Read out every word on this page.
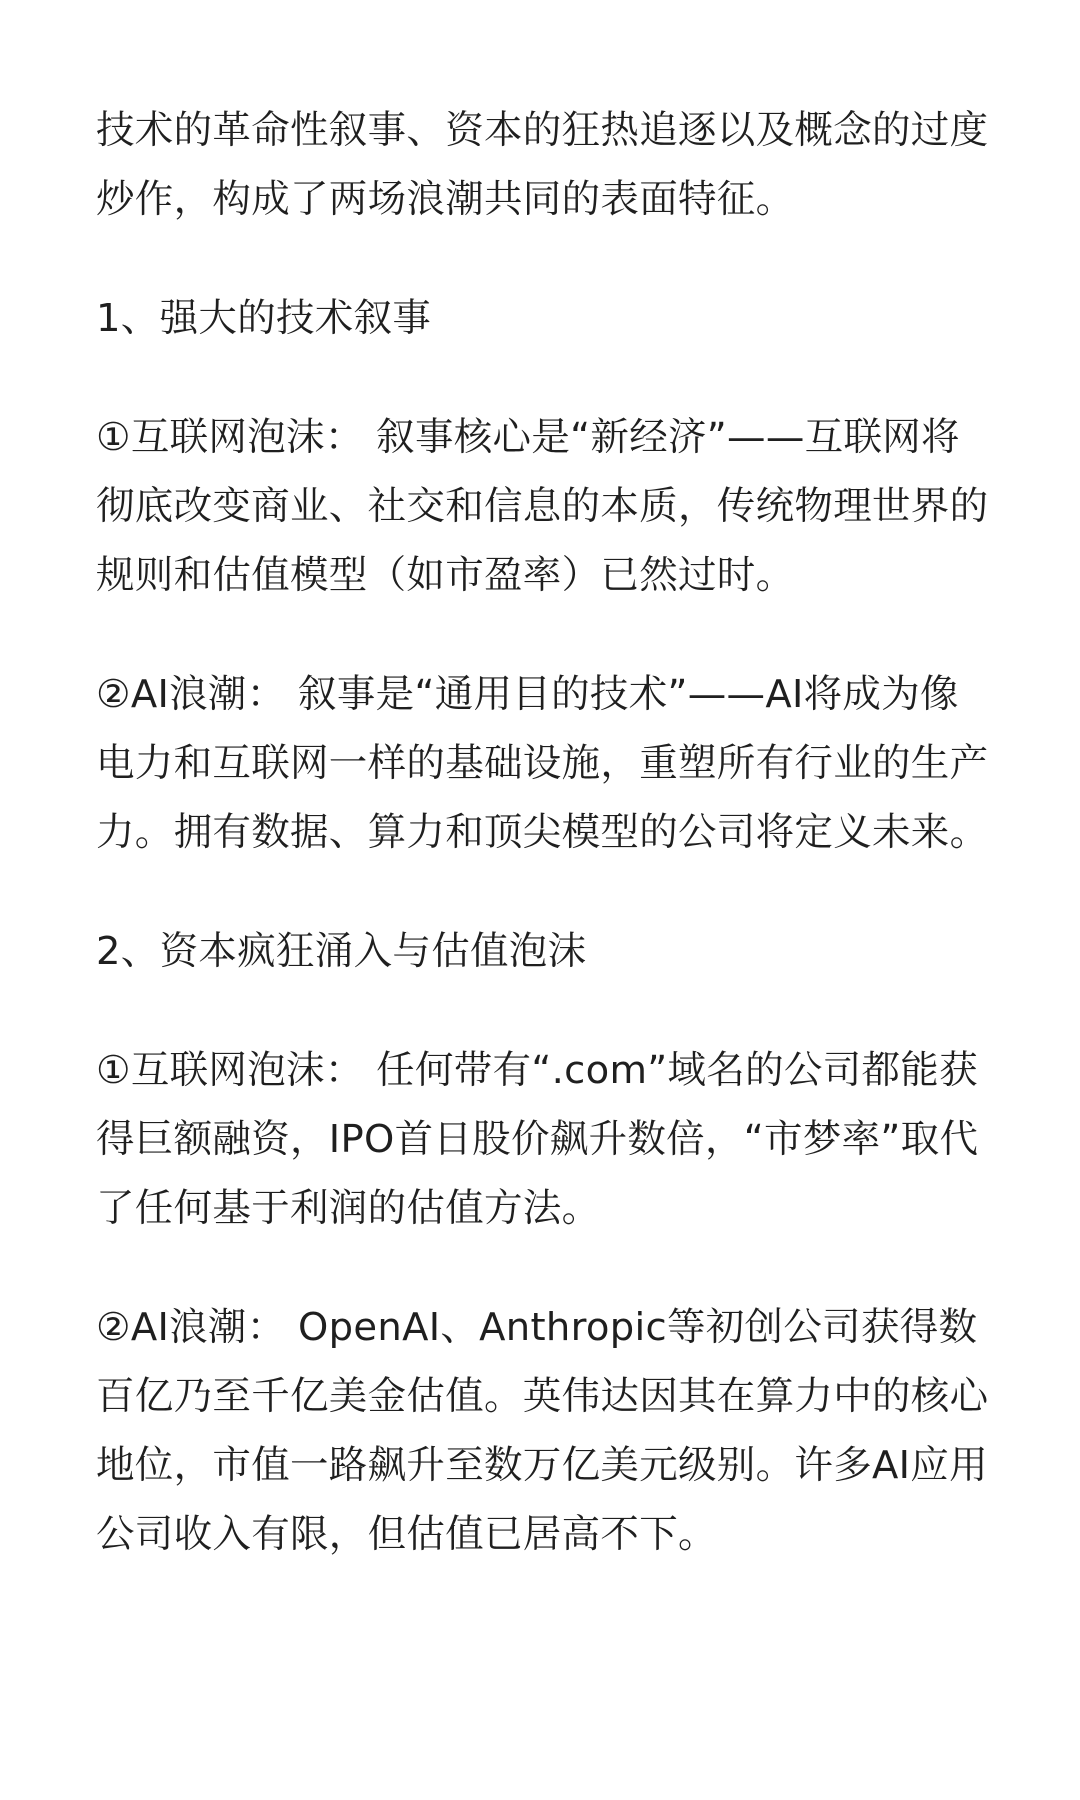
技术的革命性叙事、资本的狂热追逐以及概念的过度炒作，构成了两场浪潮共同的表面特征。

1、强大的技术叙事

①互联网泡沫： 叙事核心是“新经济”——互联网将彻底改变商业、社交和信息的本质，传统物理世界的规则和估值模型（如市盈率）已然过时。

②AI浪潮： 叙事是“通用目的技术”——AI将成为像电力和互联网一样的基础设施，重塑所有行业的生产力。拥有数据、算力和顶尖模型的公司将定义未来。

2、资本疯狂涌入与估值泡沫

①互联网泡沫： 任何带有“.com”域名的公司都能获得巨额融资，IPO首日股价飙升数倍，“市梦率”取代了任何基于利润的估值方法。

②AI浪潮： OpenAI、Anthropic等初创公司获得数百亿乃至千亿美金估值。英伟达因其在算力中的核心地位，市值一路飙升至数万亿美元级别。许多AI应用公司收入有限，但估值已居高不下。
